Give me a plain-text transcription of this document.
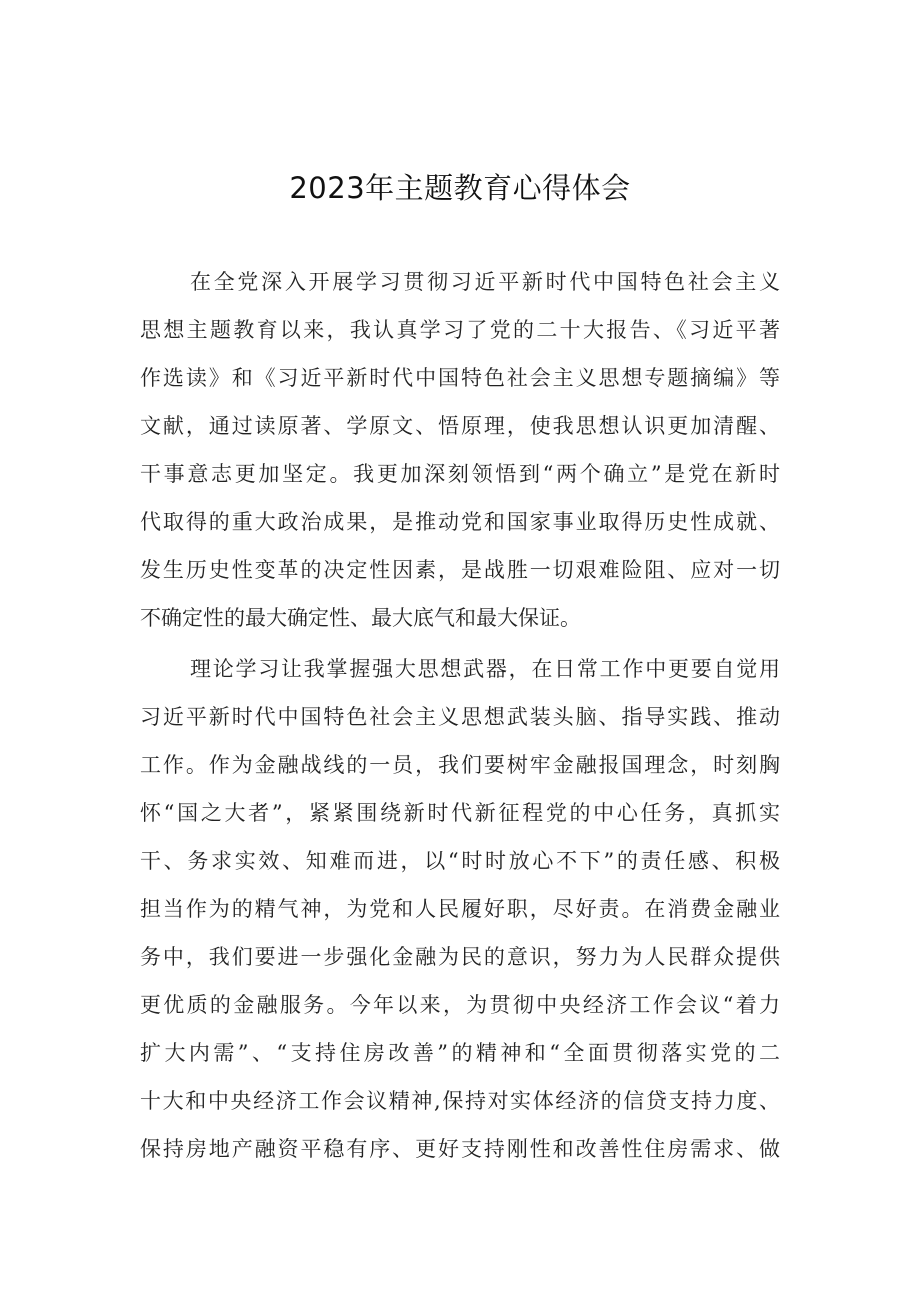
2023年主题教育心得体会
在全党深入开展学习贯彻习近平新时代中国特色社会主义
思想主题教育以来，我认真学习了党的二十大报告、《习近平著
作选读》和《习近平新时代中国特色社会主义思想专题摘编》等
文献，通过读原著、学原文、悟原理，使我思想认识更加清醒、
干事意志更加坚定。我更加深刻领悟到“两个确立”是党在新时
代取得的重大政治成果，是推动党和国家事业取得历史性成就、
发生历史性变革的决定性因素，是战胜一切艰难险阻、应对一切
不确定性的最大确定性、最大底气和最大保证。
理论学习让我掌握强大思想武器，在日常工作中更要自觉用
习近平新时代中国特色社会主义思想武装头脑、指导实践、推动
工作。作为金融战线的一员，我们要树牢金融报国理念，时刻胸
怀“国之大者”，紧紧围绕新时代新征程党的中心任务，真抓实
干、务求实效、知难而进，以“时时放心不下”的责任感、积极
担当作为的精气神，为党和人民履好职，尽好责。在消费金融业
务中，我们要进一步强化金融为民的意识，努力为人民群众提供
更优质的金融服务。今年以来，为贯彻中央经济工作会议“着力
扩大内需”、“支持住房改善”的精神和“全面贯彻落实党的二
十大和中央经济工作会议精神,保持对实体经济的信贷支持力度、
保持房地产融资平稳有序、更好支持刚性和改善性住房需求、做
